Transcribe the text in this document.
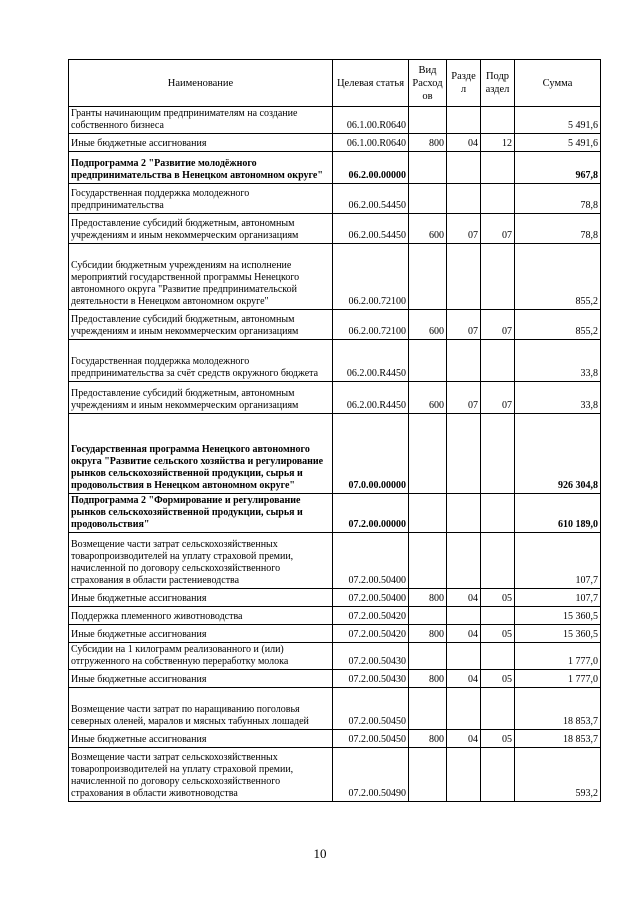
Наименование	Целевая статья	Вид Расход ов	Разде л	Подр аздел	Сумма
Гранты начинающим предпринимателям на создание собственного бизнеса	06.1.00.R0640				5 491,6
Иные бюджетные ассигнования	06.1.00.R0640	800	04	12	5 491,6
Подпрограмма 2 "Развитие молодёжного предпринимательства в Ненецком автономном округе"	06.2.00.00000				967,8
Государственная поддержка молодежного предпринимательства	06.2.00.54450				78,8
Предоставление субсидий бюджетным, автономным учреждениям и иным некоммерческим организациям	06.2.00.54450	600	07	07	78,8
Субсидии бюджетным учреждениям на исполнение мероприятий государственной программы Ненецкого автономного округа "Развитие предпринимательской деятельности в Ненецком автономном округе"	06.2.00.72100				855,2
Предоставление субсидий бюджетным, автономным учреждениям и иным некоммерческим организациям	06.2.00.72100	600	07	07	855,2
Государственная поддержка молодежного предпринимательства за счёт средств окружного бюджета	06.2.00.R4450				33,8
Предоставление субсидий бюджетным, автономным учреждениям и иным некоммерческим организациям	06.2.00.R4450	600	07	07	33,8
Государственная программа Ненецкого автономного округа "Развитие сельского хозяйства и регулирование рынков сельскохозяйственной продукции, сырья и продовольствия в Ненецком автономном округе"	07.0.00.00000				926 304,8
Подпрограмма 2 "Формирование и регулирование рынков сельскохозяйственной продукции, сырья и продовольствия"	07.2.00.00000				610 189,0
Возмещение части затрат сельскохозяйственных товаропроизводителей на уплату страховой премии, начисленной по договору сельскохозяйственного страхования в области растениеводства	07.2.00.50400				107,7
Иные бюджетные ассигнования	07.2.00.50400	800	04	05	107,7
Поддержка племенного животноводства	07.2.00.50420				15 360,5
Иные бюджетные ассигнования	07.2.00.50420	800	04	05	15 360,5
Субсидии на 1 килограмм реализованного и (или) отгруженного на собственную переработку молока	07.2.00.50430				1 777,0
Иные бюджетные ассигнования	07.2.00.50430	800	04	05	1 777,0
Возмещение части затрат по наращиванию поголовья северных оленей, маралов и мясных табунных лошадей	07.2.00.50450				18 853,7
Иные бюджетные ассигнования	07.2.00.50450	800	04	05	18 853,7
Возмещение части затрат сельскохозяйственных товаропроизводителей на уплату страховой премии, начисленной по договору сельскохозяйственного страхования в области животноводства	07.2.00.50490				593,2
10
